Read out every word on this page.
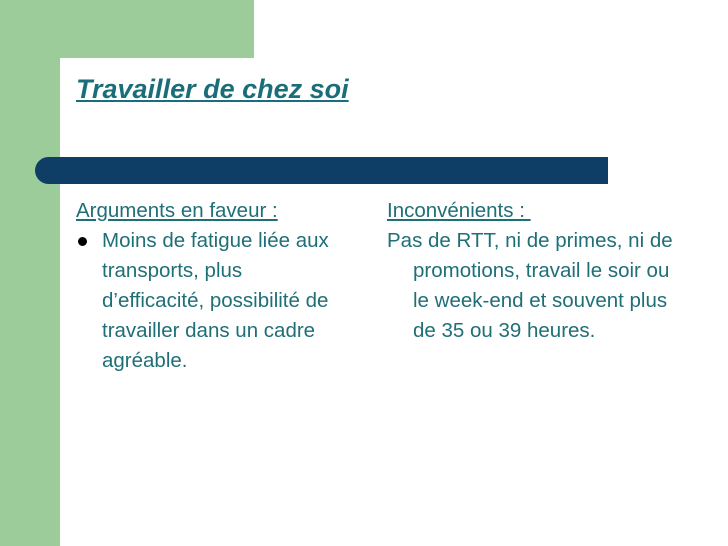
Travailler de chez soi
Arguments en faveur :
Moins de fatigue liée aux transports, plus d’efficacité, possibilité de travailler dans un cadre agréable.
Inconvénients :
Pas de RTT, ni de primes, ni de promotions, travail le soir ou le week-end et souvent plus de 35 ou 39 heures.
